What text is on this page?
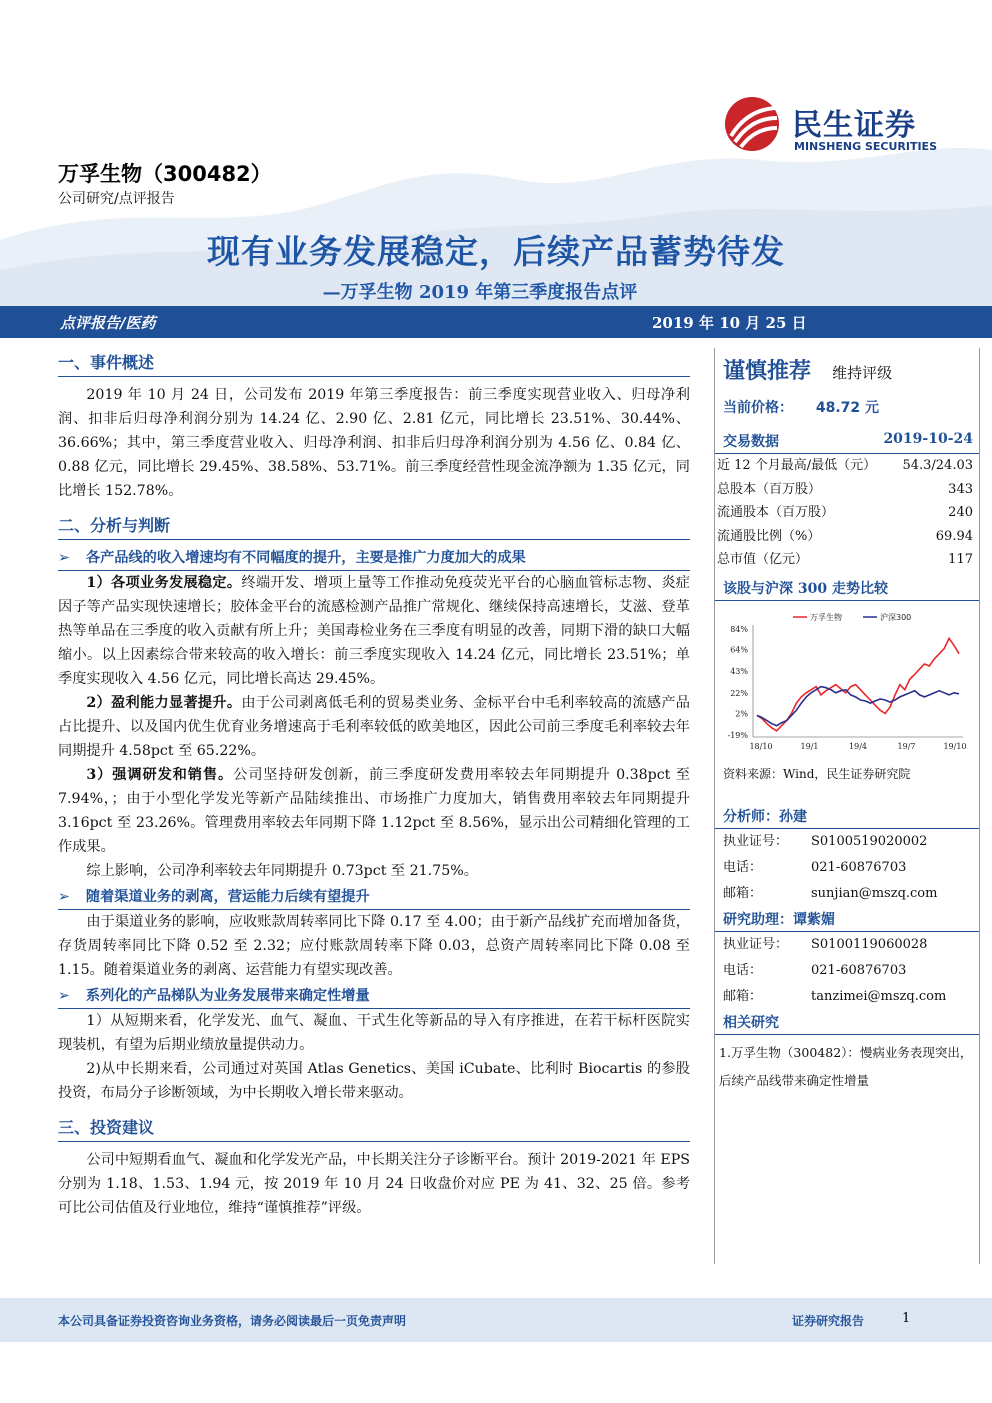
民生证券
MINSHENG SECURITIES
万孚生物（300482）
公司研究/点评报告
现有业务发展稳定，后续产品蓄势待发
—万孚生物 2019 年第三季度报告点评
点评报告/医药	2019 年 10 月 25 日
一、事件概述

2019 年 10 月 24 日，公司发布 2019 年第三季度报告：前三季度实现营业收入、归母净利润、扣非后归母净利润分别为 14.24 亿、2.90 亿、2.81 亿元，同比增长 23.51%、30.44%、36.66%；其中，第三季度营业收入、归母净利润、扣非后归母净利润分别为 4.56 亿、0.84 亿、0.88 亿元，同比增长 29.45%、38.58%、53.71%。前三季度经营性现金流净额为 1.35 亿元，同比增长 152.78%。

二、分析与判断
➢ 各产品线的收入增速均有不同幅度的提升，主要是推广力度加大的成果

1）各项业务发展稳定。终端开发、增项上量等工作推动免疫荧光平台的心脑血管标志物、炎症因子等产品实现快速增长；胶体金平台的流感检测产品推广常规化、继续保持高速增长，艾滋、登革热等单品在三季度的收入贡献有所上升；美国毒检业务在三季度有明显的改善，同期下滑的缺口大幅缩小。以上因素综合带来较高的收入增长：前三季度实现收入 14.24 亿元，同比增长 23.51%；单季度实现收入 4.56 亿元，同比增长高达 29.45%。

2）盈利能力显著提升。由于公司剥离低毛利的贸易类业务、金标平台中毛利率较高的流感产品占比提升、以及国内优生优育业务增速高于毛利率较低的欧美地区，因此公司前三季度毛利率较去年同期提升 4.58pct 至 65.22%。

3）强调研发和销售。公司坚持研发创新，前三季度研发费用率较去年同期提升 0.38pct 至 7.94%，；由于小型化学发光等新产品陆续推出、市场推广力度加大，销售费用率较去年同期提升 3.16pct 至 23.26%。管理费用率较去年同期下降 1.12pct 至 8.56%，显示出公司精细化管理的工作成果。

综上影响，公司净利率较去年同期提升 0.73pct 至 21.75%。

➢ 随着渠道业务的剥离，营运能力后续有望提升

由于渠道业务的影响，应收账款周转率同比下降 0.17 至 4.00；由于新产品线扩充而增加备货，存货周转率同比下降 0.52 至 2.32；应付账款周转率下降 0.03，总资产周转率同比下降 0.08 至 1.15。随着渠道业务的剥离、运营能力有望实现改善。

➢ 系列化的产品梯队为业务发展带来确定性增量

1）从短期来看，化学发光、血气、凝血、干式生化等新品的导入有序推进，在若干标杆医院实现装机，有望为后期业绩放量提供动力。

2)从中长期来看，公司通过对英国 Atlas Genetics、美国 iCubate、比利时 Biocartis 的参股投资，布局分子诊断领域，为中长期收入增长带来驱动。

三、投资建议

公司中短期看血气、凝血和化学发光产品，中长期关注分子诊断平台。预计 2019-2021 年 EPS 分别为 1.18、1.53、1.94 元，按 2019 年 10 月 24 日收盘价对应 PE 为 41、32、25 倍。参考可比公司估值及行业地位，维持“谨慎推荐”评级。

谨慎推荐 维持评级
当前价格： 48.72 元
交易数据	2019-10-24
近 12 个月最高/最低（元） 54.3/24.03
总股本（百万股）	343
流通股本（百万股）	240
流通股比例（%）	69.94
总市值（亿元）	117
该股与沪深 300 走势比较
84%
64%
43%
22%
2%
-19%
18/10	19/1	19/4	19/7	19/10
万孚生物	沪深300
资料来源：Wind，民生证券研究院
分析师：孙建
执业证号：	S0100519020002
电话：	021-60876703
邮箱：	sunjian@mszq.com
研究助理：谭紫媚
执业证号：	S0100119060028
电话：	021-60876703
邮箱：	tanzimei@mszq.com
相关研究
1.万孚生物（300482）：慢病业务表现突出，后续产品线带来确定性增量
本公司具备证券投资咨询业务资格，请务必阅读最后一页免责声明	证券研究报告	1
